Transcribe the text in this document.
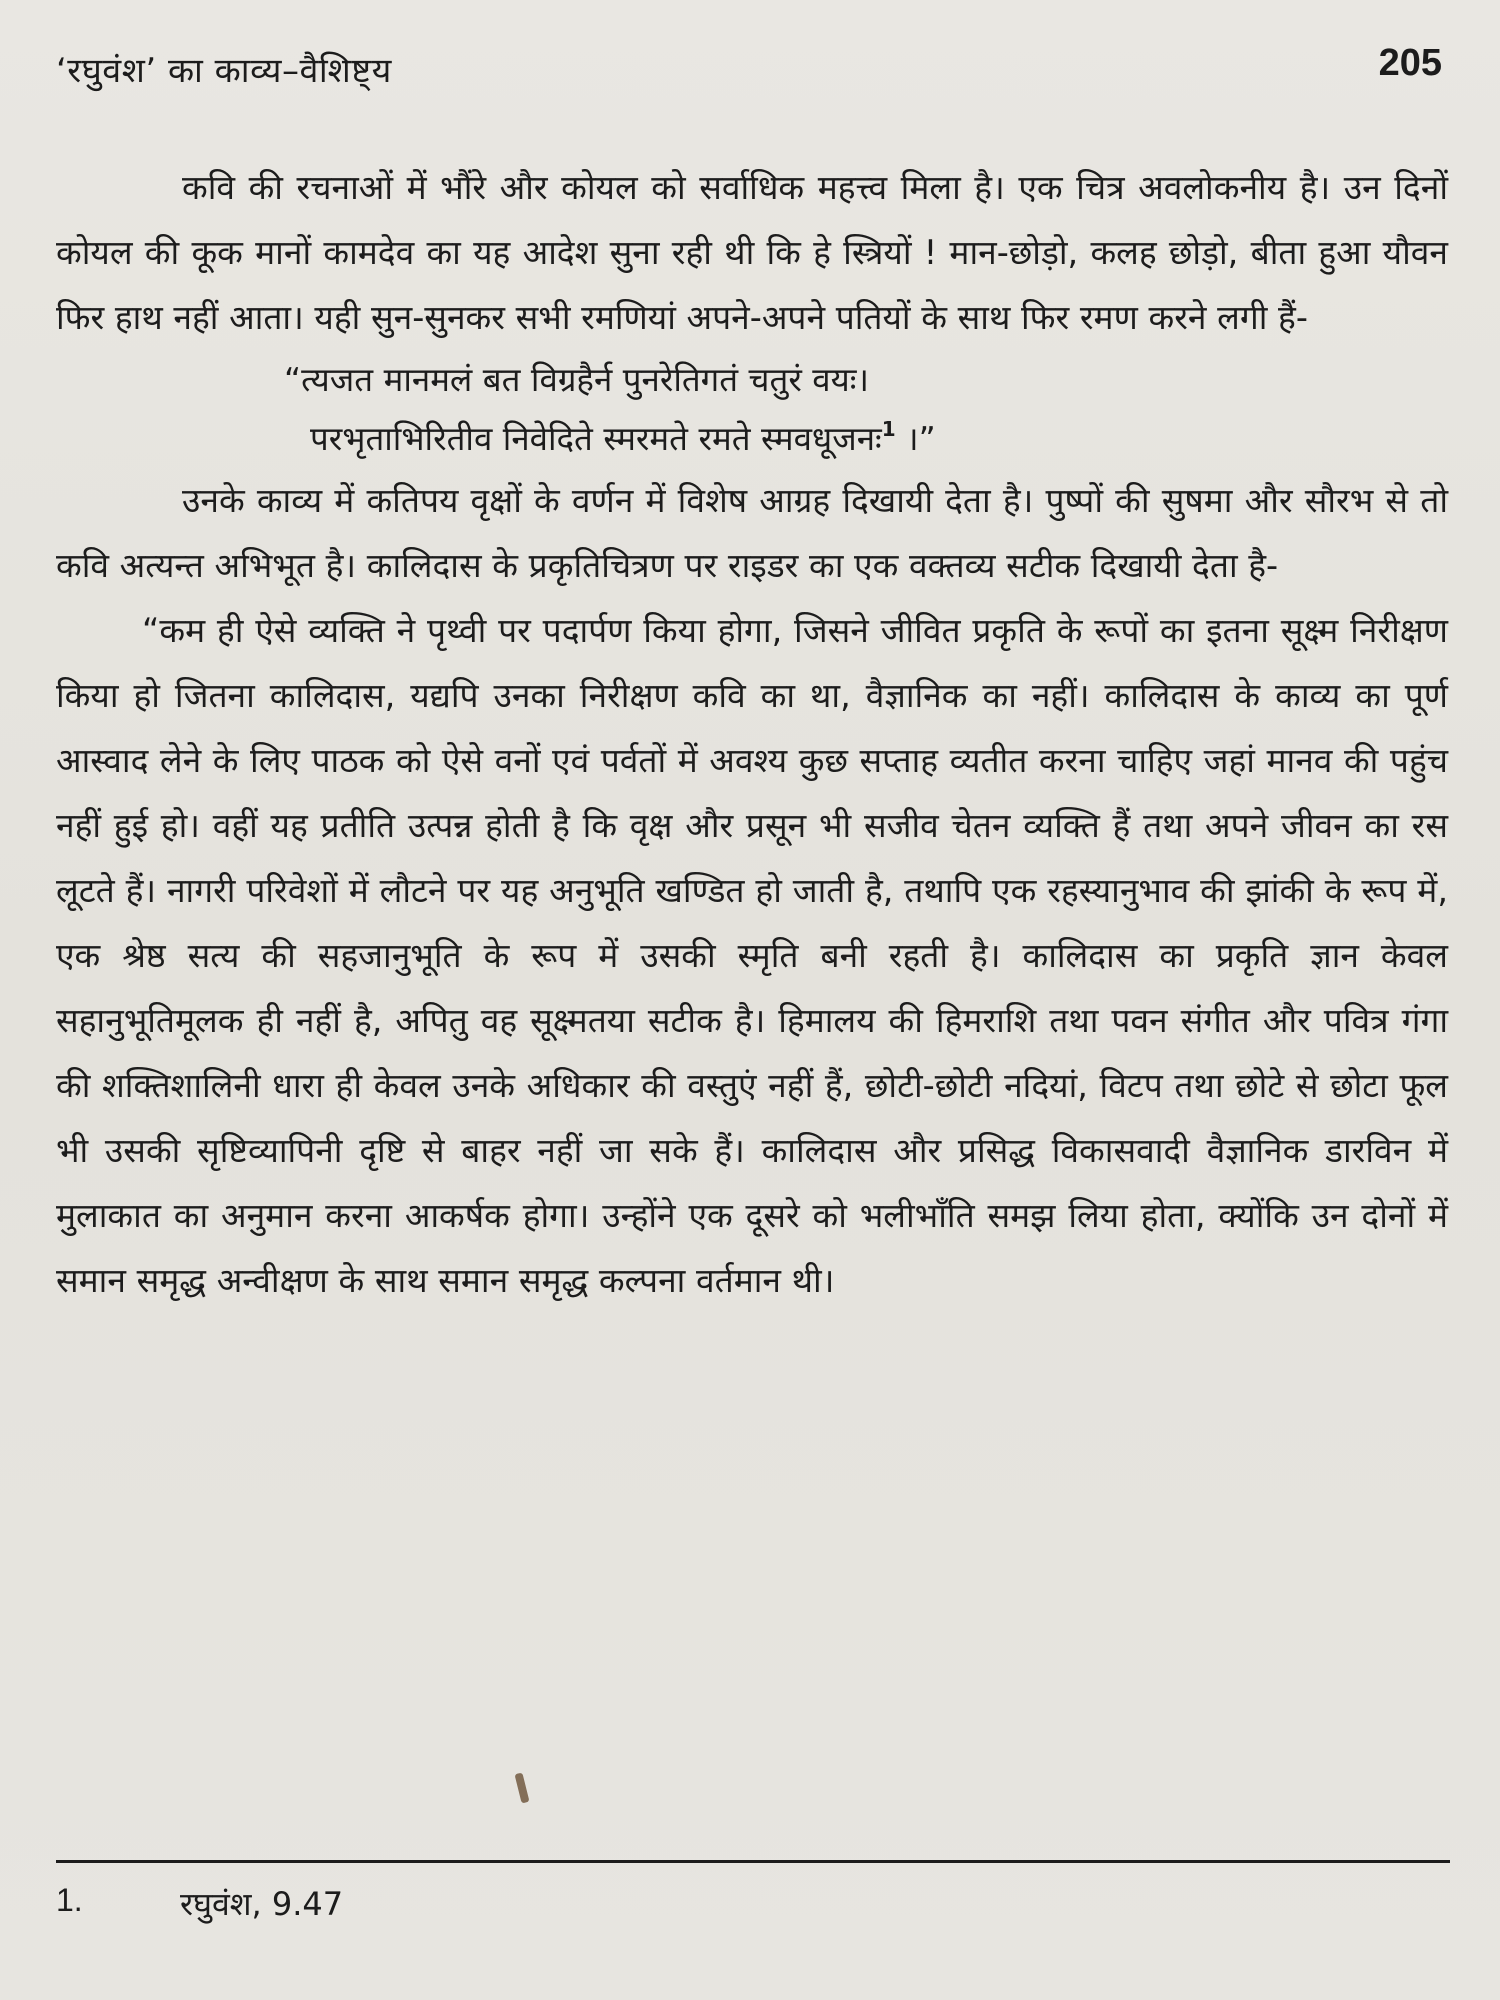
‘रघुवंश’ का काव्य–वैशिष्ट्य	205

कवि की रचनाओं में भौंरे और कोयल को सर्वाधिक महत्त्व मिला है। एक चित्र अवलोकनीय है। उन दिनों कोयल की कूक मानों कामदेव का यह आदेश सुना रही थी कि हे स्त्रियों ! मान-छोड़ो, कलह छोड़ो, बीता हुआ यौवन फिर हाथ नहीं आता। यही सुन-सुनकर सभी रमणियां अपने-अपने पतियों के साथ फिर रमण करने लगी हैं-

“त्यजत मानमलं बत विग्रहैर्न पुनरेतिगतं चतुरं वयः।
परभृताभिरितीव निवेदिते स्मरमते रमते स्मवधूजनः$^1$ ।”

उनके काव्य में कतिपय वृक्षों के वर्णन में विशेष आग्रह दिखायी देता है। पुष्पों की सुषमा और सौरभ से तो कवि अत्यन्त अभिभूत है। कालिदास के प्रकृतिचित्रण पर राइडर का एक वक्तव्य सटीक दिखायी देता है-

“कम ही ऐसे व्यक्ति ने पृथ्वी पर पदार्पण किया होगा, जिसने जीवित प्रकृति के रूपों का इतना सूक्ष्म निरीक्षण किया हो जितना कालिदास, यद्यपि उनका निरीक्षण कवि का था, वैज्ञानिक का नहीं। कालिदास के काव्य का पूर्ण आस्वाद लेने के लिए पाठक को ऐसे वनों एवं पर्वतों में अवश्य कुछ सप्ताह व्यतीत करना चाहिए जहां मानव की पहुंच नहीं हुई हो। वहीं यह प्रतीति उत्पन्न होती है कि वृक्ष और प्रसून भी सजीव चेतन व्यक्ति हैं तथा अपने जीवन का रस लूटते हैं। नागरी परिवेशों में लौटने पर यह अनुभूति खण्डित हो जाती है, तथापि एक रहस्यानुभाव की झांकी के रूप में, एक श्रेष्ठ सत्य की सहजानुभूति के रूप में उसकी स्मृति बनी रहती है। कालिदास का प्रकृति ज्ञान केवल सहानुभूतिमूलक ही नहीं है, अपितु वह सूक्ष्मतया सटीक है। हिमालय की हिमराशि तथा पवन संगीत और पवित्र गंगा की शक्तिशालिनी धारा ही केवल उनके अधिकार की वस्तुएं नहीं हैं, छोटी-छोटी नदियां, विटप तथा छोटे से छोटा फूल भी उसकी सृष्टिव्यापिनी दृष्टि से बाहर नहीं जा सके हैं। कालिदास और प्रसिद्ध विकासवादी वैज्ञानिक डारविन में मुलाकात का अनुमान करना आकर्षक होगा। उन्होंने एक दूसरे को भलीभाँति समझ लिया होता, क्योंकि उन दोनों में समान समृद्ध अन्वीक्षण के साथ समान समृद्ध कल्पना वर्तमान थी।

1.	रघुवंश, 9.47
